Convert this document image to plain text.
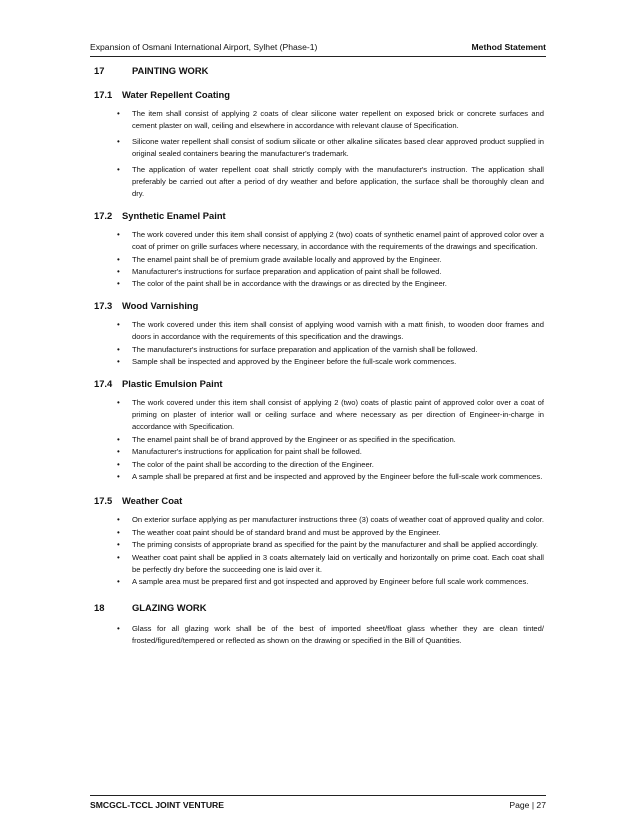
Expansion of Osmani International Airport, Sylhet (Phase-1)	Method Statement
17	PAINTING WORK
17.1	Water Repellent Coating
• The item shall consist of applying 2 coats of clear silicone water repellent on exposed brick or concrete surfaces and cement plaster on wall, ceiling and elsewhere in accordance with relevant clause of Specification.
• Silicone water repellent shall consist of sodium silicate or other alkaline silicates based clear approved product supplied in original sealed containers bearing the manufacturer's trademark.
• The application of water repellent coat shall strictly comply with the manufacturer's instruction. The application shall preferably be carried out after a period of dry weather and before application, the surface shall be thoroughly clean and dry.
17.2	Synthetic Enamel Paint
• The work covered under this item shall consist of applying 2 (two) coats of synthetic enamel paint of approved color over a coat of primer on grille surfaces where necessary, in accordance with the requirements of the drawings and specification.
• The enamel paint shall be of premium grade available locally and approved by the Engineer.
• Manufacturer's instructions for surface preparation and application of paint shall be followed.
• The color of the paint shall be in accordance with the drawings or as directed by the Engineer.
17.3	Wood Varnishing
• The work covered under this item shall consist of applying wood varnish with a matt finish, to wooden door frames and doors in accordance with the requirements of this specification and the drawings.
• The manufacturer's instructions for surface preparation and application of the varnish shall be followed.
• Sample shall be inspected and approved by the Engineer before the full-scale work commences.
17.4	Plastic Emulsion Paint
• The work covered under this item shall consist of applying 2 (two) coats of plastic paint of approved color over a coat of priming on plaster of interior wall or ceiling surface and where necessary as per direction of Engineer-in-charge in accordance with Specification.
• The enamel paint shall be of brand approved by the Engineer or as specified in the specification.
• Manufacturer's instructions for application for paint shall be followed.
• The color of the paint shall be according to the direction of the Engineer.
• A sample shall be prepared at first and be inspected and approved by the Engineer before the full-scale work commences.
17.5	Weather Coat
• On exterior surface applying as per manufacturer instructions three (3) coats of weather coat of approved quality and color.
• The weather coat paint should be of standard brand and must be approved by the Engineer.
• The priming consists of appropriate brand as specified for the paint by the manufacturer and shall be applied accordingly.
• Weather coat paint shall be applied in 3 coats alternately laid on vertically and horizontally on prime coat. Each coat shall be perfectly dry before the succeeding one is laid over it.
• A sample area must be prepared first and got inspected and approved by Engineer before full scale work commences.
18	GLAZING WORK
• Glass for all glazing work shall be of the best of imported sheet/float glass whether they are clean tinted/ frosted/figured/tempered or reflected as shown on the drawing or specified in the Bill of Quantities.
SMCGCL-TCCL JOINT VENTURE	Page | 27
